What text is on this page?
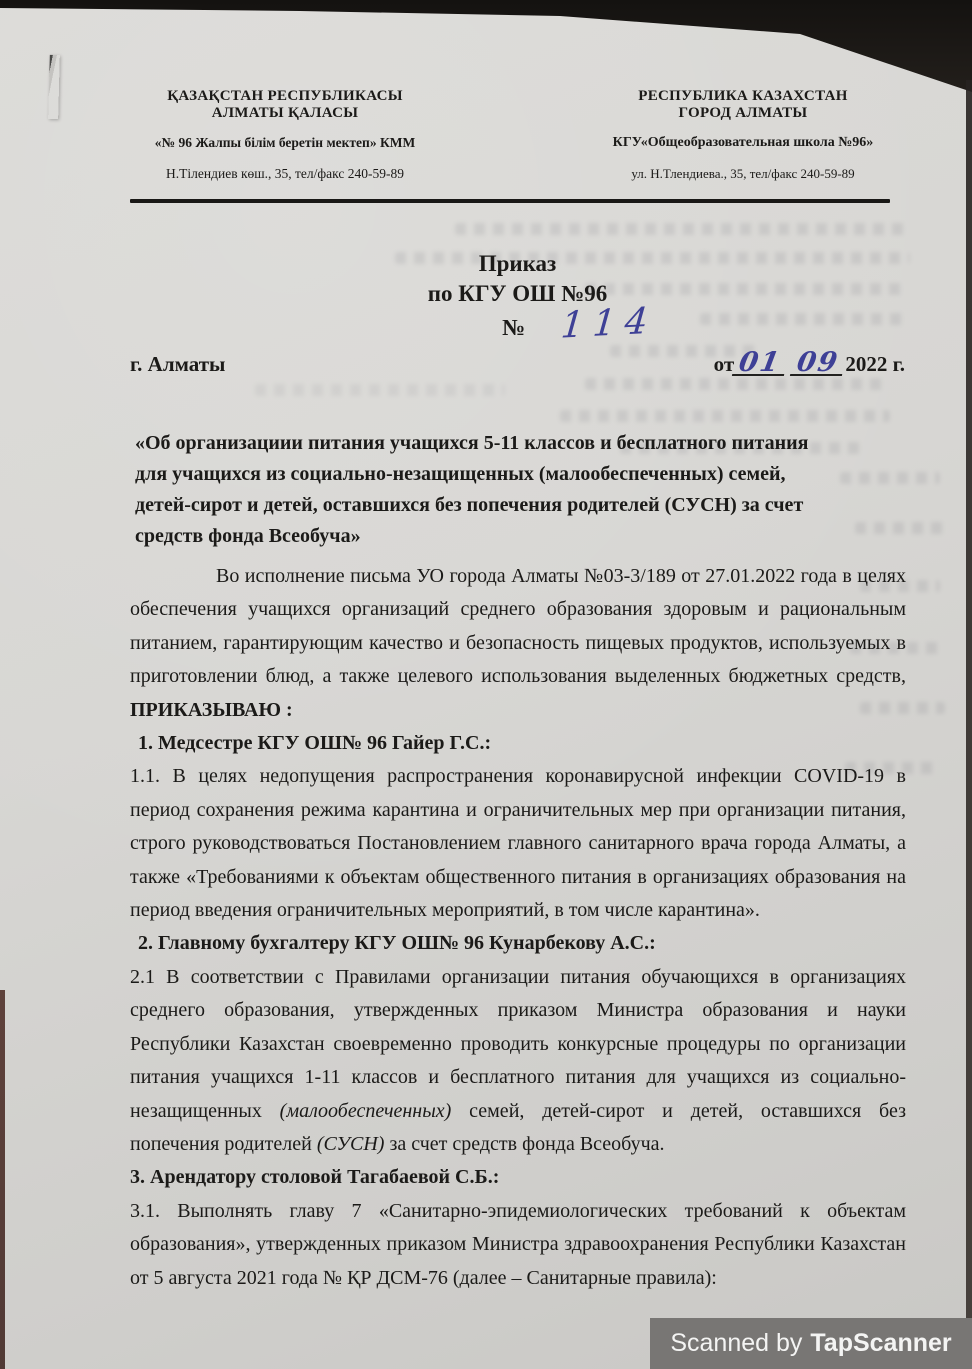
ҚАЗАҚСТАН РЕСПУБЛИКАСЫ
АЛМАТЫ ҚАЛАСЫ
«№ 96 Жалпы білім беретін мектеп» КММ
Н.Тілендиев көш., 35, тел/факс 240-59-89
РЕСПУБЛИКА КАЗАХСТАН
ГОРОД АЛМАТЫ
КГУ«Общеобразовательная школа №96»
ул. Н.Тлендиева., 35, тел/факс 240-59-89
Приказ
по КГУ ОШ №96
№ 114
г. Алматы	от01 09 2022 г.
«Об организациии питания учащихся 5-11 классов и бесплатного питания для учащихся из социально-незащищенных (малообеспеченных) семей, детей-сирот и детей, оставшихся без попечения родителей (СУСН) за счет средств фонда Всеобуча»

Во исполнение письма УО города Алматы №03-3/189 от 27.01.2022 года в целях обеспечения учащихся организаций среднего образования здоровым и рациональным питанием, гарантирующим качество и безопасность пищевых продуктов, используемых в приготовлении блюд, а также целевого использования выделенных бюджетных средств,

ПРИКАЗЫВАЮ :
1. Медсестре КГУ ОШ№ 96 Гайер Г.С.:

1.1. В целях недопущения распространения коронавирусной инфекции COVID-19 в период сохранения режима карантина и ограничительных мер при организации питания, строго руководствоваться Постановлением главного санитарного врача города Алматы, а также «Требованиями к объектам общественного питания в организациях образования на период введения ограничительных мероприятий, в том числе карантина».

2. Главному бухгалтеру КГУ ОШ№ 96 Кунарбекову А.С.:

2.1 В соответствии с Правилами организации питания обучающихся в организациях среднего образования, утвержденных приказом Министра образования и науки Республики Казахстан своевременно проводить конкурсные процедуры по организации питания учащихся 1-11 классов и бесплатного питания для учащихся из социально-незащищенных (малообеспеченных) семей, детей-сирот и детей, оставшихся без попечения родителей (СУСН) за счет средств фонда Всеобуча.

3. Арендатору столовой Тагабаевой С.Б.:

3.1. Выполнять главу 7 «Санитарно-эпидемиологических требований к объектам образования», утвержденных приказом Министра здравоохранения Республики Казахстан от 5 августа 2021 года № ҚР ДСМ-76 (далее – Санитарные правила):

Scanned by TapScanner
